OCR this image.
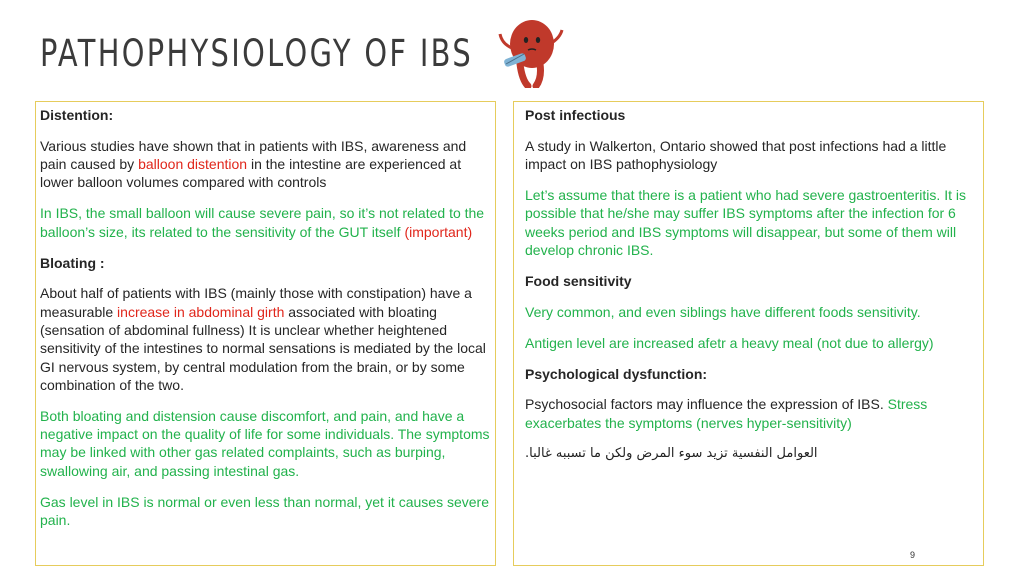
PATHOPHYSIOLOGY OF IBS

Distention:

Various studies have shown that in patients with IBS, awareness and pain caused by balloon distention in the intestine are experienced at lower balloon volumes compared with controls

In IBS, the small balloon will cause severe pain, so it’s not related to the balloon’s size, its related to the sensitivity of the GUT itself (important)

Bloating :

About half of patients with IBS (mainly those with constipation) have a measurable increase in abdominal girth associated with bloating (sensation of abdominal fullness) It is unclear whether heightened sensitivity of the intestines to normal sensations is mediated by the local GI nervous system, by central modulation from the brain, or by some combination of the two.

Both bloating and distension cause discomfort, and pain, and have a negative impact on the quality of life for some individuals. The symptoms may be linked with other gas related complaints, such as burping, swallowing air, and passing intestinal gas.

Gas level in IBS is normal or even less than normal, yet it causes severe pain.

Post infectious

A study in Walkerton, Ontario showed that post infections had a little impact on IBS pathophysiology

Let’s assume that there is a patient who had severe gastroenteritis. It is possible that he/she may suffer IBS symptoms after the infection for 6 weeks period and IBS symptoms will disappear, but some of them will develop chronic IBS.

Food sensitivity

Very common, and even siblings have different foods sensitivity.

Antigen level are increased afetr a heavy meal (not due to allergy)

Psychological dysfunction:

Psychosocial factors may influence the expression of IBS. Stress exacerbates the symptoms (nerves hyper-sensitivity)

العوامل النفسية تزيد سوء المرض ولكن ما تسببه غالبا.

9
